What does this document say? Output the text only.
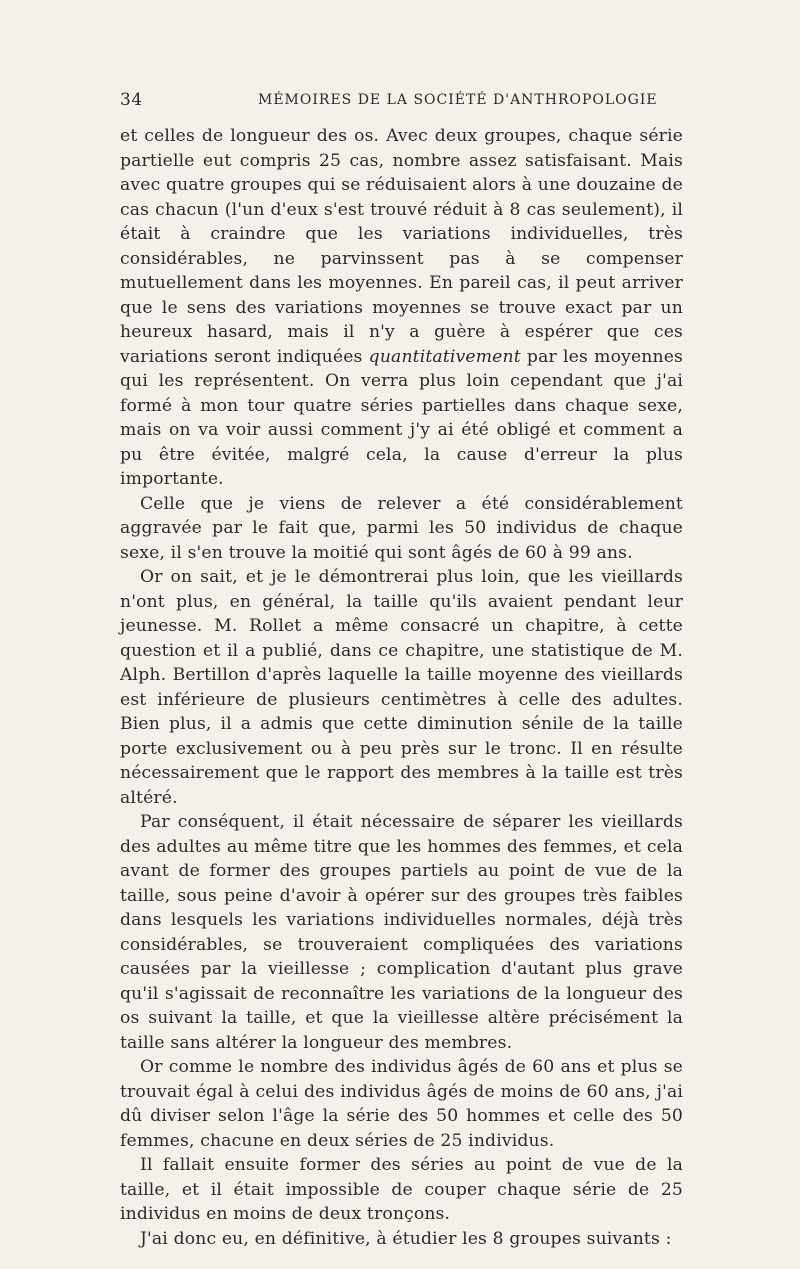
34	MÉMOIRES DE LA SOCIÉTÉ D'ANTHROPOLOGIE

et celles de longueur des os. Avec deux groupes, chaque série partielle eut compris 25 cas, nombre assez satisfaisant. Mais avec quatre groupes qui se réduisaient alors à une douzaine de cas chacun (l'un d'eux s'est trouvé réduit à 8 cas seulement), il était à craindre que les variations individuelles, très considérables, ne parvinssent pas à se compenser mutuellement dans les moyennes. En pareil cas, il peut arriver que le sens des variations moyennes se trouve exact par un heureux hasard, mais il n'y a guère à espérer que ces variations seront indiquées quantitativement par les moyennes qui les représentent. On verra plus loin cependant que j'ai formé à mon tour quatre séries partielles dans chaque sexe, mais on va voir aussi comment j'y ai été obligé et comment a pu être évitée, malgré cela, la cause d'erreur la plus importante.

Celle que je viens de relever a été considérablement aggravée par le fait que, parmi les 50 individus de chaque sexe, il s'en trouve la moitié qui sont âgés de 60 à 99 ans.

Or on sait, et je le démontrerai plus loin, que les vieillards n'ont plus, en général, la taille qu'ils avaient pendant leur jeunesse. M. Rollet a même consacré un chapitre, à cette question et il a publié, dans ce chapitre, une statistique de M. Alph. Bertillon d'après laquelle la taille moyenne des vieillards est inférieure de plusieurs centimètres à celle des adultes. Bien plus, il a admis que cette diminution sénile de la taille porte exclusivement ou à peu près sur le tronc. Il en résulte nécessairement que le rapport des membres à la taille est très altéré.

Par conséquent, il était nécessaire de séparer les vieillards des adultes au même titre que les hommes des femmes, et cela avant de former des groupes partiels au point de vue de la taille, sous peine d'avoir à opérer sur des groupes très faibles dans lesquels les variations individuelles normales, déjà très considérables, se trouveraient compliquées des variations causées par la vieillesse ; complication d'autant plus grave qu'il s'agissait de reconnaître les variations de la longueur des os suivant la taille, et que la vieillesse altère précisément la taille sans altérer la longueur des membres.

Or comme le nombre des individus âgés de 60 ans et plus se trouvait égal à celui des individus âgés de moins de 60 ans, j'ai dû diviser selon l'âge la série des 50 hommes et celle des 50 femmes, chacune en deux séries de 25 individus.

Il fallait ensuite former des séries au point de vue de la taille, et il était impossible de couper chaque série de 25 individus en moins de deux tronçons.

J'ai donc eu, en définitive, à étudier les 8 groupes suivants :
